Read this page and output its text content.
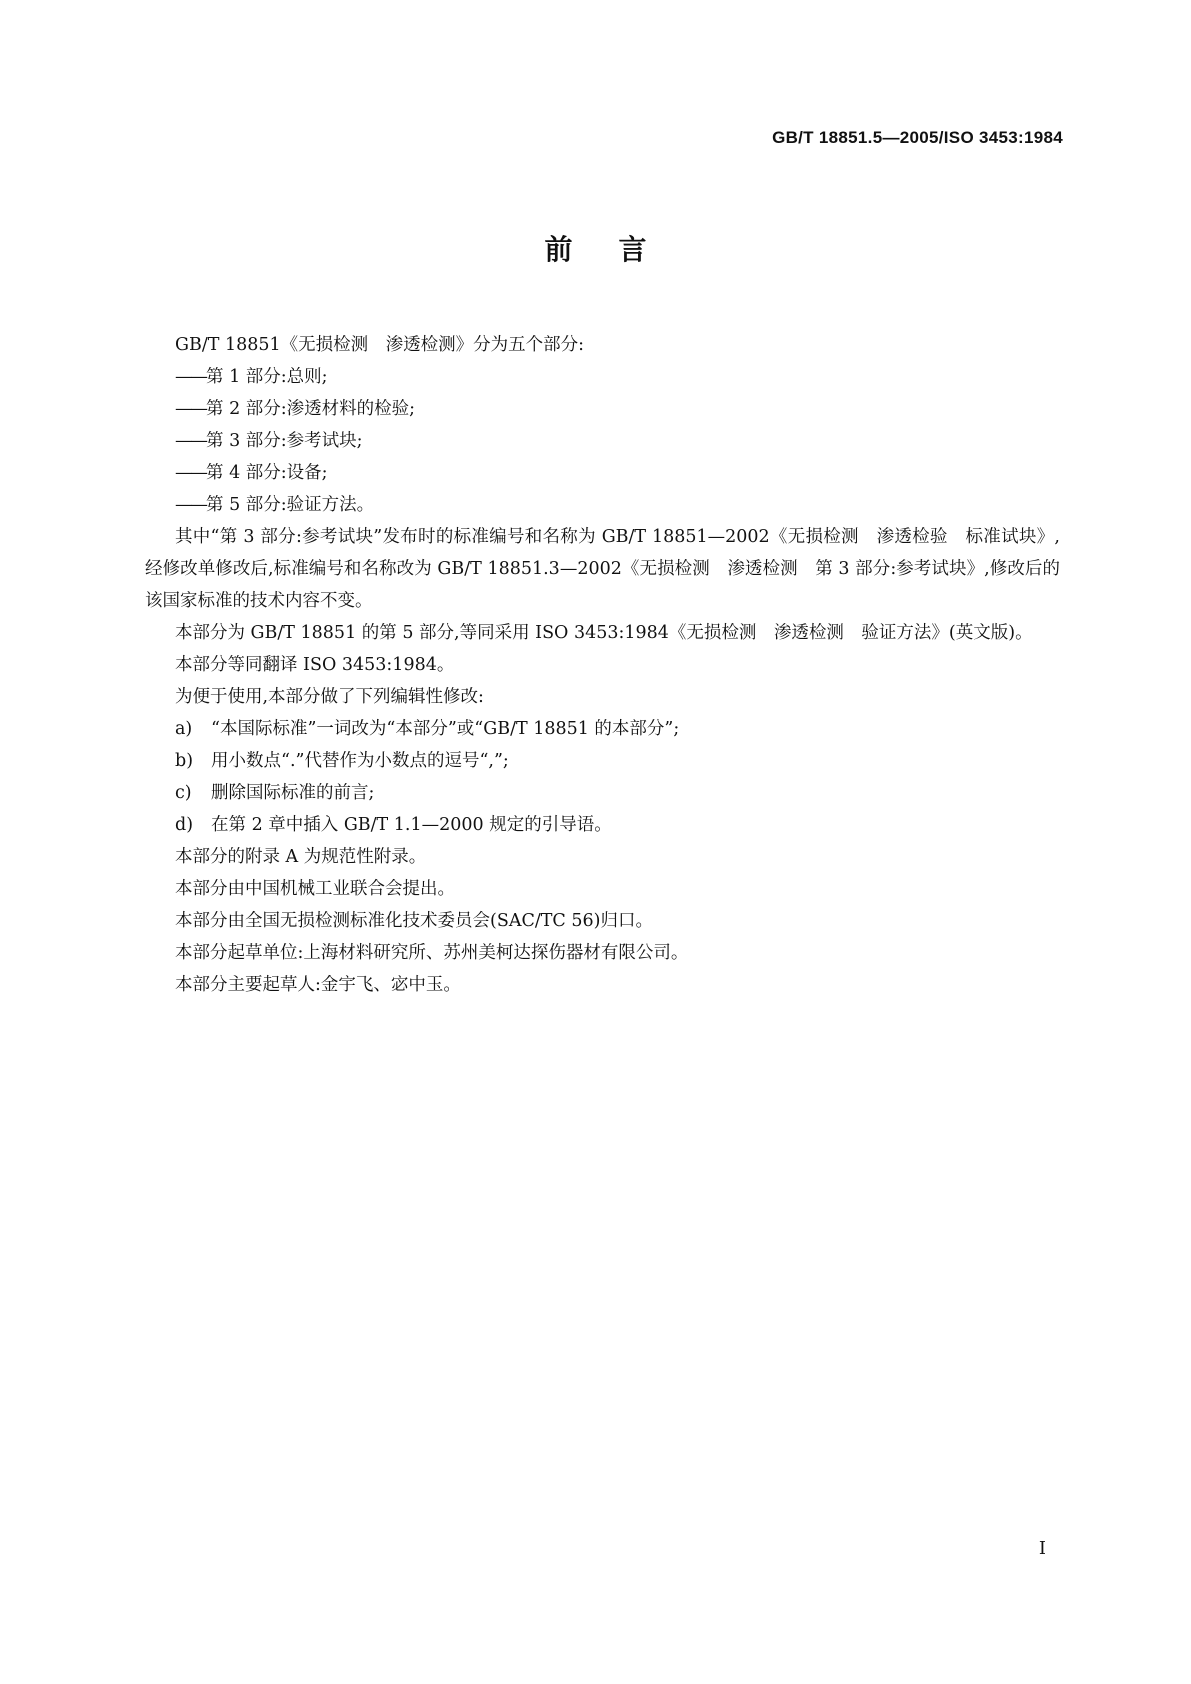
GB/T 18851.5—2005/ISO 3453:1984
前言

GB/T 18851《无损检测　渗透检测》分为五个部分:

——第 1 部分:总则;

——第 2 部分:渗透材料的检验;

——第 3 部分:参考试块;

——第 4 部分:设备;

——第 5 部分:验证方法。

其中“第 3 部分:参考试块”发布时的标准编号和名称为 GB/T 18851—2002《无损检测　渗透检验　标准试块》,经修改单修改后,标准编号和名称改为 GB/T 18851.3—2002《无损检测　渗透检测　第 3 部分:参考试块》,修改后的该国家标准的技术内容不变。

本部分为 GB/T 18851 的第 5 部分,等同采用 ISO 3453:1984《无损检测　渗透检测　验证方法》(英文版)。

本部分等同翻译 ISO 3453:1984。

为便于使用,本部分做了下列编辑性修改:

a) “本国际标准”一词改为“本部分”或“GB/T 18851 的本部分”;

b) 用小数点“.”代替作为小数点的逗号“,”;

c) 删除国际标准的前言;

d) 在第 2 章中插入 GB/T 1.1—2000 规定的引导语。

本部分的附录 A 为规范性附录。

本部分由中国机械工业联合会提出。

本部分由全国无损检测标准化技术委员会(SAC/TC 56)归口。

本部分起草单位:上海材料研究所、苏州美柯达探伤器材有限公司。

本部分主要起草人:金宇飞、宓中玉。

I
